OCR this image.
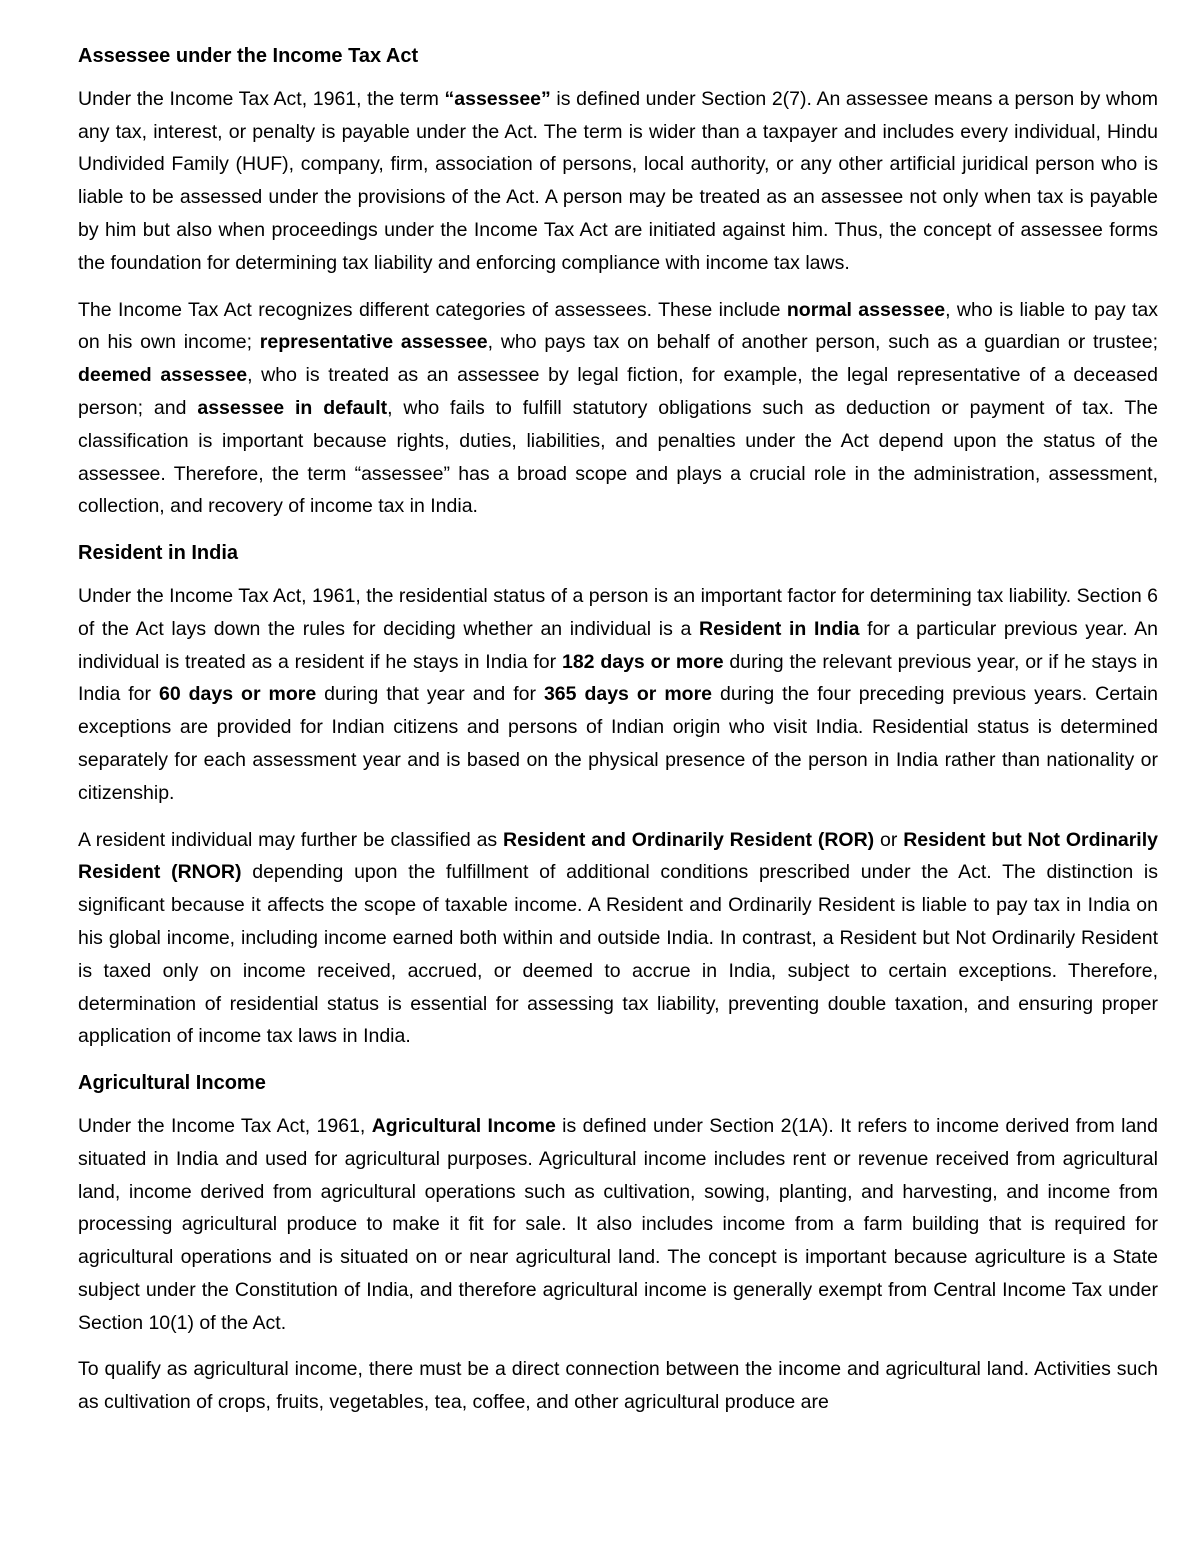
Assessee under the Income Tax Act

Under the Income Tax Act, 1961, the term “assessee” is defined under Section 2(7). An assessee means a person by whom any tax, interest, or penalty is payable under the Act. The term is wider than a taxpayer and includes every individual, Hindu Undivided Family (HUF), company, firm, association of persons, local authority, or any other artificial juridical person who is liable to be assessed under the provisions of the Act. A person may be treated as an assessee not only when tax is payable by him but also when proceedings under the Income Tax Act are initiated against him. Thus, the concept of assessee forms the foundation for determining tax liability and enforcing compliance with income tax laws.

The Income Tax Act recognizes different categories of assessees. These include normal assessee, who is liable to pay tax on his own income; representative assessee, who pays tax on behalf of another person, such as a guardian or trustee; deemed assessee, who is treated as an assessee by legal fiction, for example, the legal representative of a deceased person; and assessee in default, who fails to fulfill statutory obligations such as deduction or payment of tax. The classification is important because rights, duties, liabilities, and penalties under the Act depend upon the status of the assessee. Therefore, the term “assessee” has a broad scope and plays a crucial role in the administration, assessment, collection, and recovery of income tax in India.

Resident in India

Under the Income Tax Act, 1961, the residential status of a person is an important factor for determining tax liability. Section 6 of the Act lays down the rules for deciding whether an individual is a Resident in India for a particular previous year. An individual is treated as a resident if he stays in India for 182 days or more during the relevant previous year, or if he stays in India for 60 days or more during that year and for 365 days or more during the four preceding previous years. Certain exceptions are provided for Indian citizens and persons of Indian origin who visit India. Residential status is determined separately for each assessment year and is based on the physical presence of the person in India rather than nationality or citizenship.

A resident individual may further be classified as Resident and Ordinarily Resident (ROR) or Resident but Not Ordinarily Resident (RNOR) depending upon the fulfillment of additional conditions prescribed under the Act. The distinction is significant because it affects the scope of taxable income. A Resident and Ordinarily Resident is liable to pay tax in India on his global income, including income earned both within and outside India. In contrast, a Resident but Not Ordinarily Resident is taxed only on income received, accrued, or deemed to accrue in India, subject to certain exceptions. Therefore, determination of residential status is essential for assessing tax liability, preventing double taxation, and ensuring proper application of income tax laws in India.

Agricultural Income

Under the Income Tax Act, 1961, Agricultural Income is defined under Section 2(1A). It refers to income derived from land situated in India and used for agricultural purposes. Agricultural income includes rent or revenue received from agricultural land, income derived from agricultural operations such as cultivation, sowing, planting, and harvesting, and income from processing agricultural produce to make it fit for sale. It also includes income from a farm building that is required for agricultural operations and is situated on or near agricultural land. The concept is important because agriculture is a State subject under the Constitution of India, and therefore agricultural income is generally exempt from Central Income Tax under Section 10(1) of the Act.

To qualify as agricultural income, there must be a direct connection between the income and agricultural land. Activities such as cultivation of crops, fruits, vegetables, tea, coffee, and other agricultural produce are
